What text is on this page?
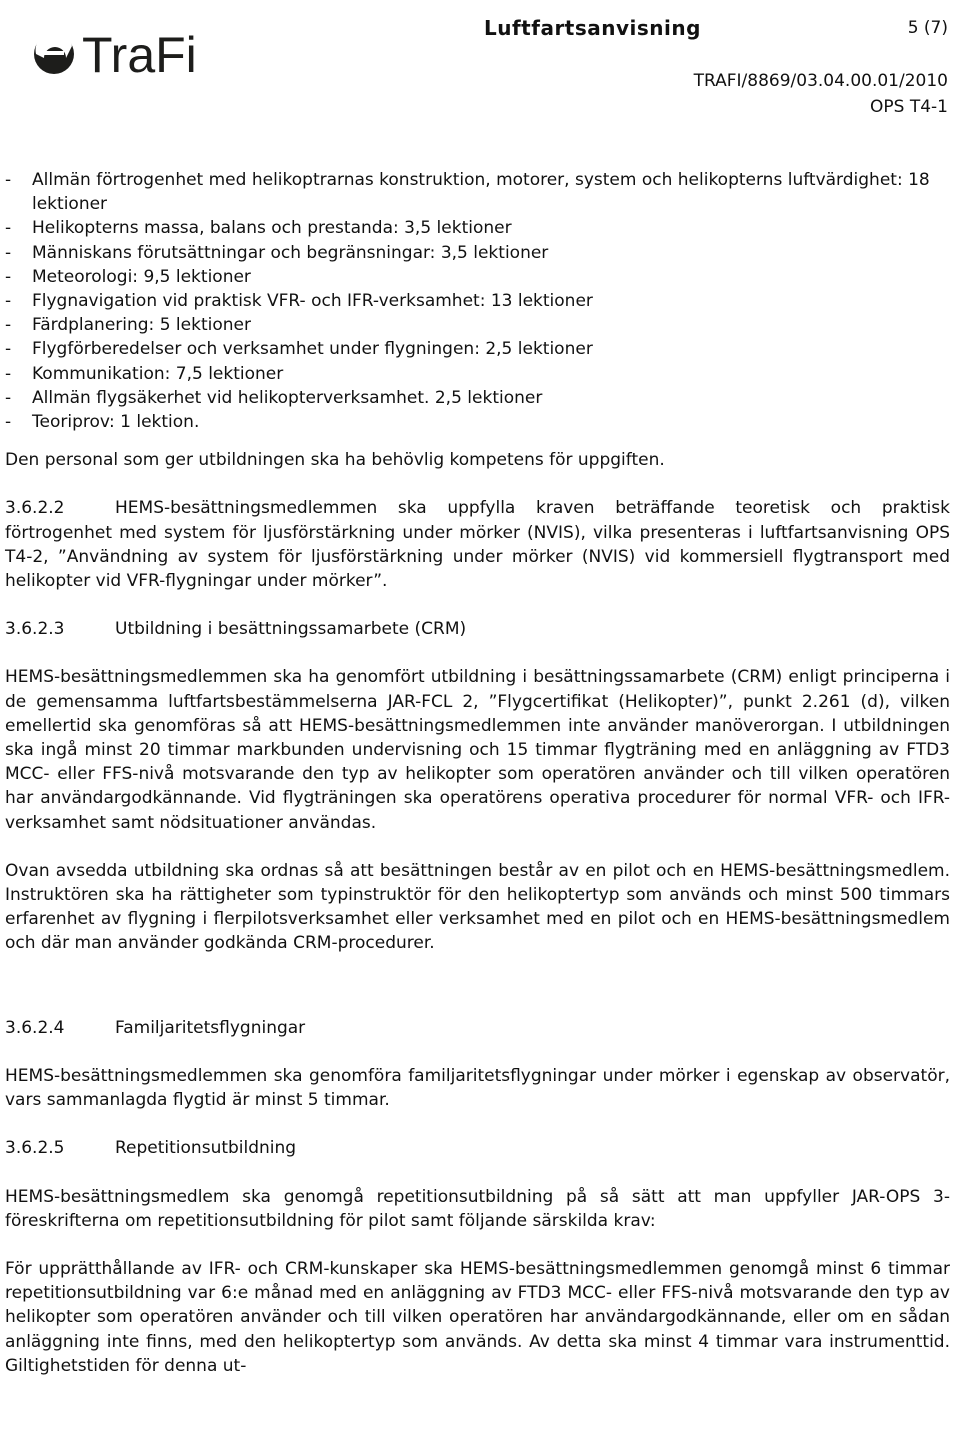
TraFi	Luftfartsanvisning	5 (7)
TRAFI/8869/03.04.00.01/2010
OPS T4-1
- Allmän förtrogenhet med helikoptrarnas konstruktion, motorer, system och helikopterns luftvärdighet: 18 lektioner
- Helikopterns massa, balans och prestanda: 3,5 lektioner
- Människans förutsättningar och begränsningar: 3,5 lektioner
- Meteorologi: 9,5 lektioner
- Flygnavigation vid praktisk VFR- och IFR-verksamhet: 13 lektioner
- Färdplanering: 5 lektioner
- Flygförberedelser och verksamhet under flygningen: 2,5 lektioner
- Kommunikation: 7,5 lektioner
- Allmän flygsäkerhet vid helikopterverksamhet. 2,5 lektioner
- Teoriprov: 1 lektion.

Den personal som ger utbildningen ska ha behövlig kompetens för uppgiften.

3.6.2.2	HEMS-besättningsmedlemmen ska uppfylla kraven beträffande teoretisk och praktisk förtrogenhet med system för ljusförstärkning under mörker (NVIS), vilka presenteras i luftfartsanvisning OPS T4-2, ”Användning av system för ljusförstärkning under mörker (NVIS) vid kommersiell flygtransport med helikopter vid VFR-flygningar under mörker”.

3.6.2.3	Utbildning i besättningssamarbete (CRM)

HEMS-besättningsmedlemmen ska ha genomfört utbildning i besättningssamarbete (CRM) enligt principerna i de gemensamma luftfartsbestämmelserna JAR-FCL 2, ”Flygcertifikat (Helikopter)”, punkt 2.261 (d), vilken emellertid ska genomföras så att HEMS-besättningsmedlemmen inte använder manöverorgan. I utbildningen ska ingå minst 20 timmar markbunden undervisning och 15 timmar flygträning med en anläggning av FTD3 MCC- eller FFS-nivå motsvarande den typ av helikopter som operatören använder och till vilken operatören har användargodkännande. Vid flygträningen ska operatörens operativa procedurer för normal VFR- och IFR-verksamhet samt nödsituationer användas.

Ovan avsedda utbildning ska ordnas så att besättningen består av en pilot och en HEMS-besättningsmedlem. Instruktören ska ha rättigheter som typinstruktör för den helikoptertyp som används och minst 500 timmars erfarenhet av flygning i flerpilotsverksamhet eller verksamhet med en pilot och en HEMS-besättningsmedlem och där man använder godkända CRM-procedurer.

3.6.2.4	Familjaritetsflygningar

HEMS-besättningsmedlemmen ska genomföra familjaritetsflygningar under mörker i egenskap av observatör, vars sammanlagda flygtid är minst 5 timmar.

3.6.2.5	Repetitionsutbildning

HEMS-besättningsmedlem ska genomgå repetitionsutbildning på så sätt att man uppfyller JAR-OPS 3-föreskrifterna om repetitionsutbildning för pilot samt följande särskilda krav:

För upprätthållande av IFR- och CRM-kunskaper ska HEMS-besättningsmedlemmen genomgå minst 6 timmar repetitionsutbildning var 6:e månad med en anläggning av FTD3 MCC- eller FFS-nivå motsvarande den typ av helikopter som operatören använder och till vilken operatören har användargodkännande, eller om en sådan anläggning inte finns, med den helikoptertyp som används. Av detta ska minst 4 timmar vara instrumenttid. Giltighetstiden för denna ut-
